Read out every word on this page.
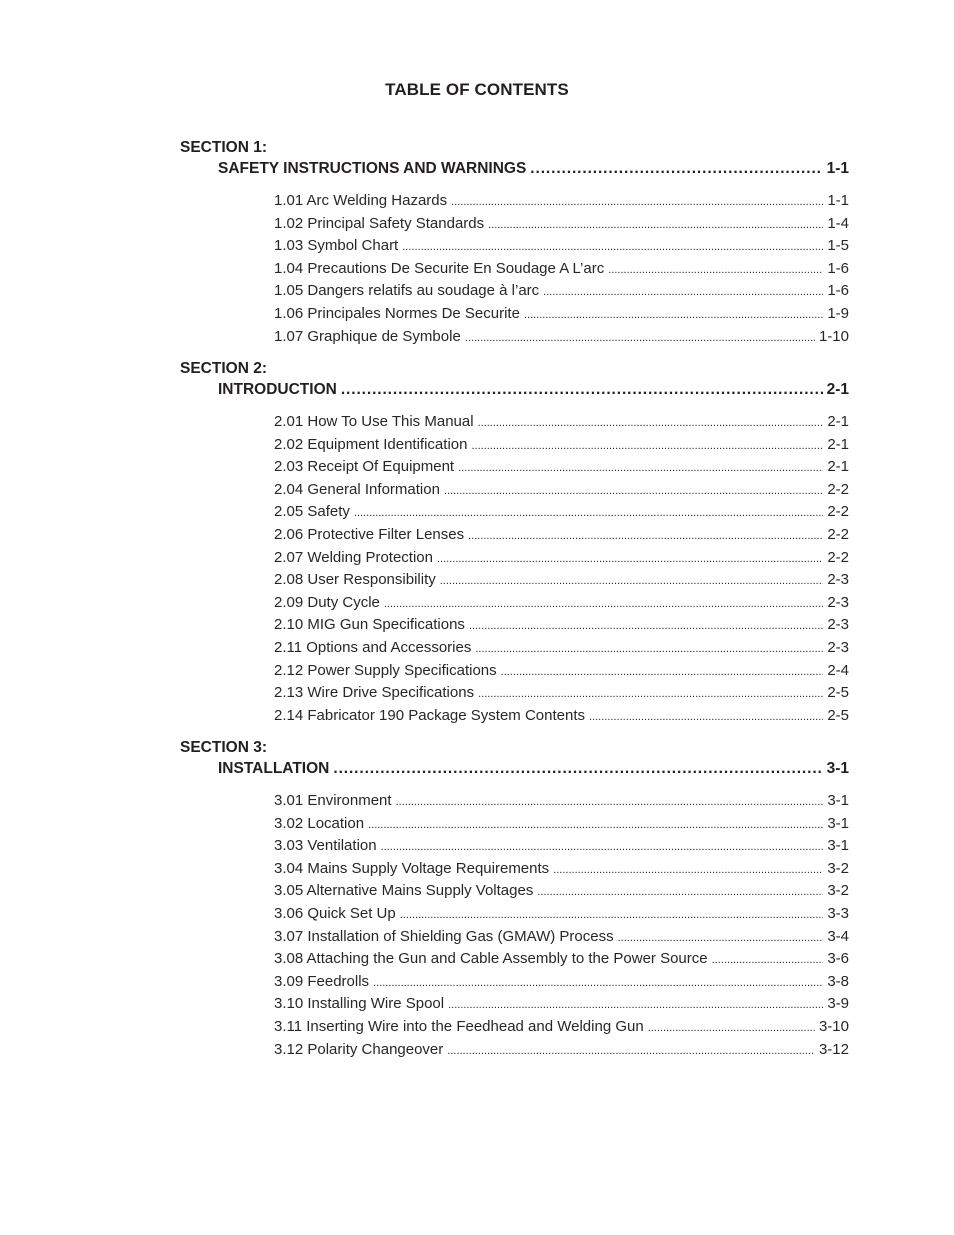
TABLE OF CONTENTS
SECTION 1:
SAFETY INSTRUCTIONS AND WARNINGS .....	1-1
1.01 Arc Welding Hazards .....	1-1
1.02 Principal Safety Standards .....	1-4
1.03 Symbol Chart .....	1-5
1.04 Precautions De Securite En Soudage A L’arc .....	1-6
1.05 Dangers relatifs au soudage à l’arc .....	1-6
1.06 Principales Normes De Securite .....	1-9
1.07 Graphique de Symbole .....	1-10
SECTION 2:
INTRODUCTION .....	2-1
2.01 How To Use This Manual .....	2-1
2.02 Equipment Identification .....	2-1
2.03 Receipt Of Equipment .....	2-1
2.04 General Information .....	2-2
2.05 Safety .....	2-2
2.06 Protective Filter Lenses .....	2-2
2.07 Welding Protection .....	2-2
2.08 User Responsibility .....	2-3
2.09 Duty Cycle .....	2-3
2.10 MIG Gun Specifications .....	2-3
2.11 Options and Accessories .....	2-3
2.12 Power Supply Specifications .....	2-4
2.13 Wire Drive Specifications .....	2-5
2.14 Fabricator 190 Package System Contents .....	2-5
SECTION 3:
INSTALLATION .....	3-1
3.01 Environment .....	3-1
3.02 Location .....	3-1
3.03 Ventilation .....	3-1
3.04 Mains Supply Voltage Requirements .....	3-2
3.05 Alternative Mains Supply Voltages .....	3-2
3.06 Quick Set Up .....	3-3
3.07 Installation of Shielding Gas (GMAW) Process .....	3-4
3.08 Attaching the Gun and Cable Assembly to the Power Source .....	3-6
3.09 Feedrolls .....	3-8
3.10 Installing Wire Spool .....	3-9
3.11 Inserting Wire into the Feedhead and Welding Gun .....	3-10
3.12 Polarity Changeover .....	3-12
